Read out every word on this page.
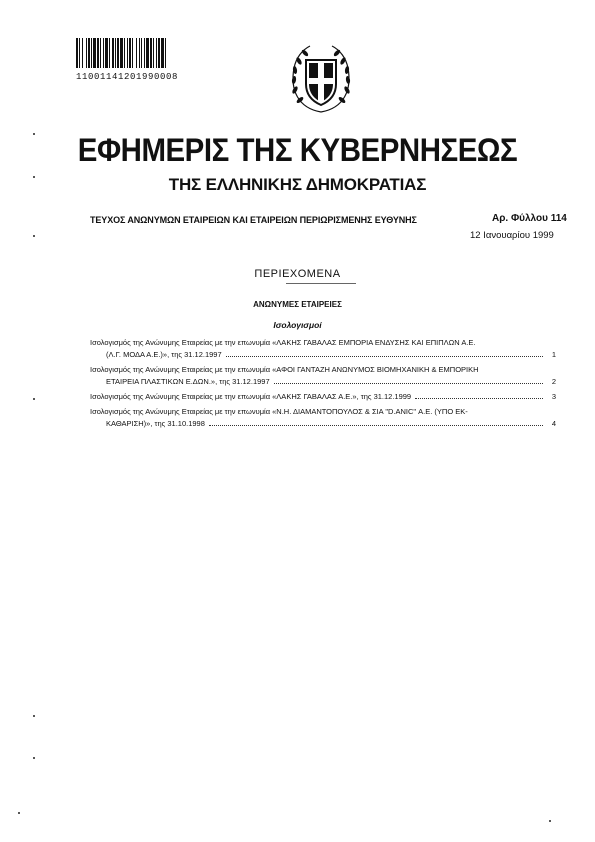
11001141201990008
ΕΦΗΜΕΡΙΣ ΤΗΣ ΚΥΒΕΡΝΗΣΕΩΣ
ΤΗΣ ΕΛΛΗΝΙΚΗΣ ΔΗΜΟΚΡΑΤΙΑΣ
ΤΕΥΧΟΣ ΑΝΩΝΥΜΩΝ ΕΤΑΙΡΕΙΩΝ ΚΑΙ ΕΤΑΙΡΕΙΩΝ ΠΕΡΙΩΡΙΣΜΕΝΗΣ ΕΥΘΥΝΗΣ	Αρ. Φύλλου 114
12 Ιανουαρίου 1999
ΠΕΡΙΕΧΟΜΕΝΑ
ΑΝΩΝΥΜΕΣ ΕΤΑΙΡΕΙΕΣ
Ισολογισμοί
Ισολογισμός της Ανώνυμης Εταιρείας με την επωνυμία «ΛΑΚΗΣ ΓΑΒΑΛΑΣ ΕΜΠΟΡΙΑ ΕΝΔΥΣΗΣ ΚΑΙ ΕΠΙΠΛΩΝ Α.Ε.
(Λ.Γ. ΜΟΔΑ Α.Ε.)», της 31.12.1997	1
Ισολογισμός της Ανώνυμης Εταιρείας με την επωνυμία «ΑΦΟΙ ΓΑΝΤΑΖΗ ΑΝΩΝΥΜΟΣ ΒΙΟΜΗΧΑΝΙΚΗ & ΕΜΠΟΡΙΚΗ
ΕΤΑΙΡΕΙΑ ΠΛΑΣΤΙΚΩΝ Ε.ΔΩΝ.», της 31.12.1997	2
Ισολογισμός της Ανώνυμης Εταιρείας με την επωνυμία «ΛΑΚΗΣ ΓΑΒΑΛΑΣ Α.Ε.», της 31.12.1999	3
Ισολογισμός της Ανώνυμης Εταιρείας με την επωνυμία «Ν.Η. ΔΙΑΜΑΝΤΟΠΟΥΛΟΣ & ΣΙΑ "D.ANIC" Α.Ε. (ΥΠΟ ΕΚ-
ΚΑΘΑΡΙΣΗ)», της 31.10.1998	4
